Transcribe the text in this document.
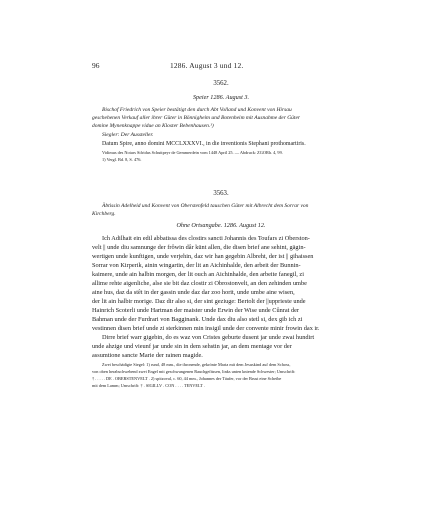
96	1286. August 3 und 12.
3562.
Speier 1286. August 3.
Bischof Friedrich von Speier bestätigt den durch Abt Volland und Konvent von Hirsau
geschehenen Verkauf aller ihrer Güter in Bönnigheim und Botenheim mit Ausnahme der Güter
domine Mynenknappe vidue an Kloster Bebenhausen.¹)
Siegler: Der Aussteller.
Datum Spire, anno domini MCCLXXXVI., in die inventionis Stephani prothomartiris.
Vidimus des Notars Sifridus Schuttpeyr de Gemmerdein vom 1448 April 25. — Abdruck: ZGORh. 4, 99.
1) Vergl. Bd. 8, S. 476.
3563.
Äbtissin Adelheid und Konvent von Oberstenfeld tauschen Güter mit Albrecht dem Sorrar von
Kirchberg.
Ohne Ortsangabe. 1286. August 12.
Ich Adilhait ein edil abbatissa des clostirs sancti Johannis des Toufars zi Oberston-
velt || unde diu samnunge der frôwin dâr künt allen, die disen brief ane sehint, gägin-
wertigen unde kunftigen, unde verjehin, daz wir han gegebin Albreht, der ist || gihaissen
Sorrar von Kirperik, ainin wingartin, der lit an Aichinhalde, den arbeit der Bunnin-
kaimere, unde ain halbin morgen, der lit ouch an Aichinhalde, den arbeite fanegil, zi
allime rehte aigenliche, alse sie bit daz clostir zi Obrostonvelt, an den zehinden umbe
aine hus, daz da stêt in der gassin unde daz dar zoo horit, unde umbe aine wisen,
der lit ain halbir morige. Daz dir also si, der sint geziuge: Bertolt der ||upprieste unde
Hainrich Scoterli unde Hartman der maister unde Erwin der Wise unde Cûnrat der
Bahman unde der Furdrari von Bagginank. Unde dax diu also stetl si, dex gib ich zi
vestinnen disen brief unde zi sterkinnen min insigil unde der convente minir frowin dax ir.
Dirre brief warr gigebin, do es waz von Cristes geburte dusent jar unde zwai hundirt
unde ahzige und vieunf jar unde sin in dem sehstin jar, an dem mentage vor der
assumtione sancte Marie der rainen magide.
Zwei beschädigte Siegel: 1) rund, 48 mm., die thronende, gekrönte Maria mit dem Jesuskind auf dem Schoss,
von oben herabschwebend zwei Engel mit geschwungenen Rauchgefässen, links unten kniende Schwester; Umschrift:
† . . . . . DE . OBERSTENVELT . 2) spitzoval, c. 60, 44 mm., Johannes der Täufer, vor der Brust eine Scheibe
mit dem Lamm; Umschrift: † . SIGILLV . CON . . . . TENVELT .
